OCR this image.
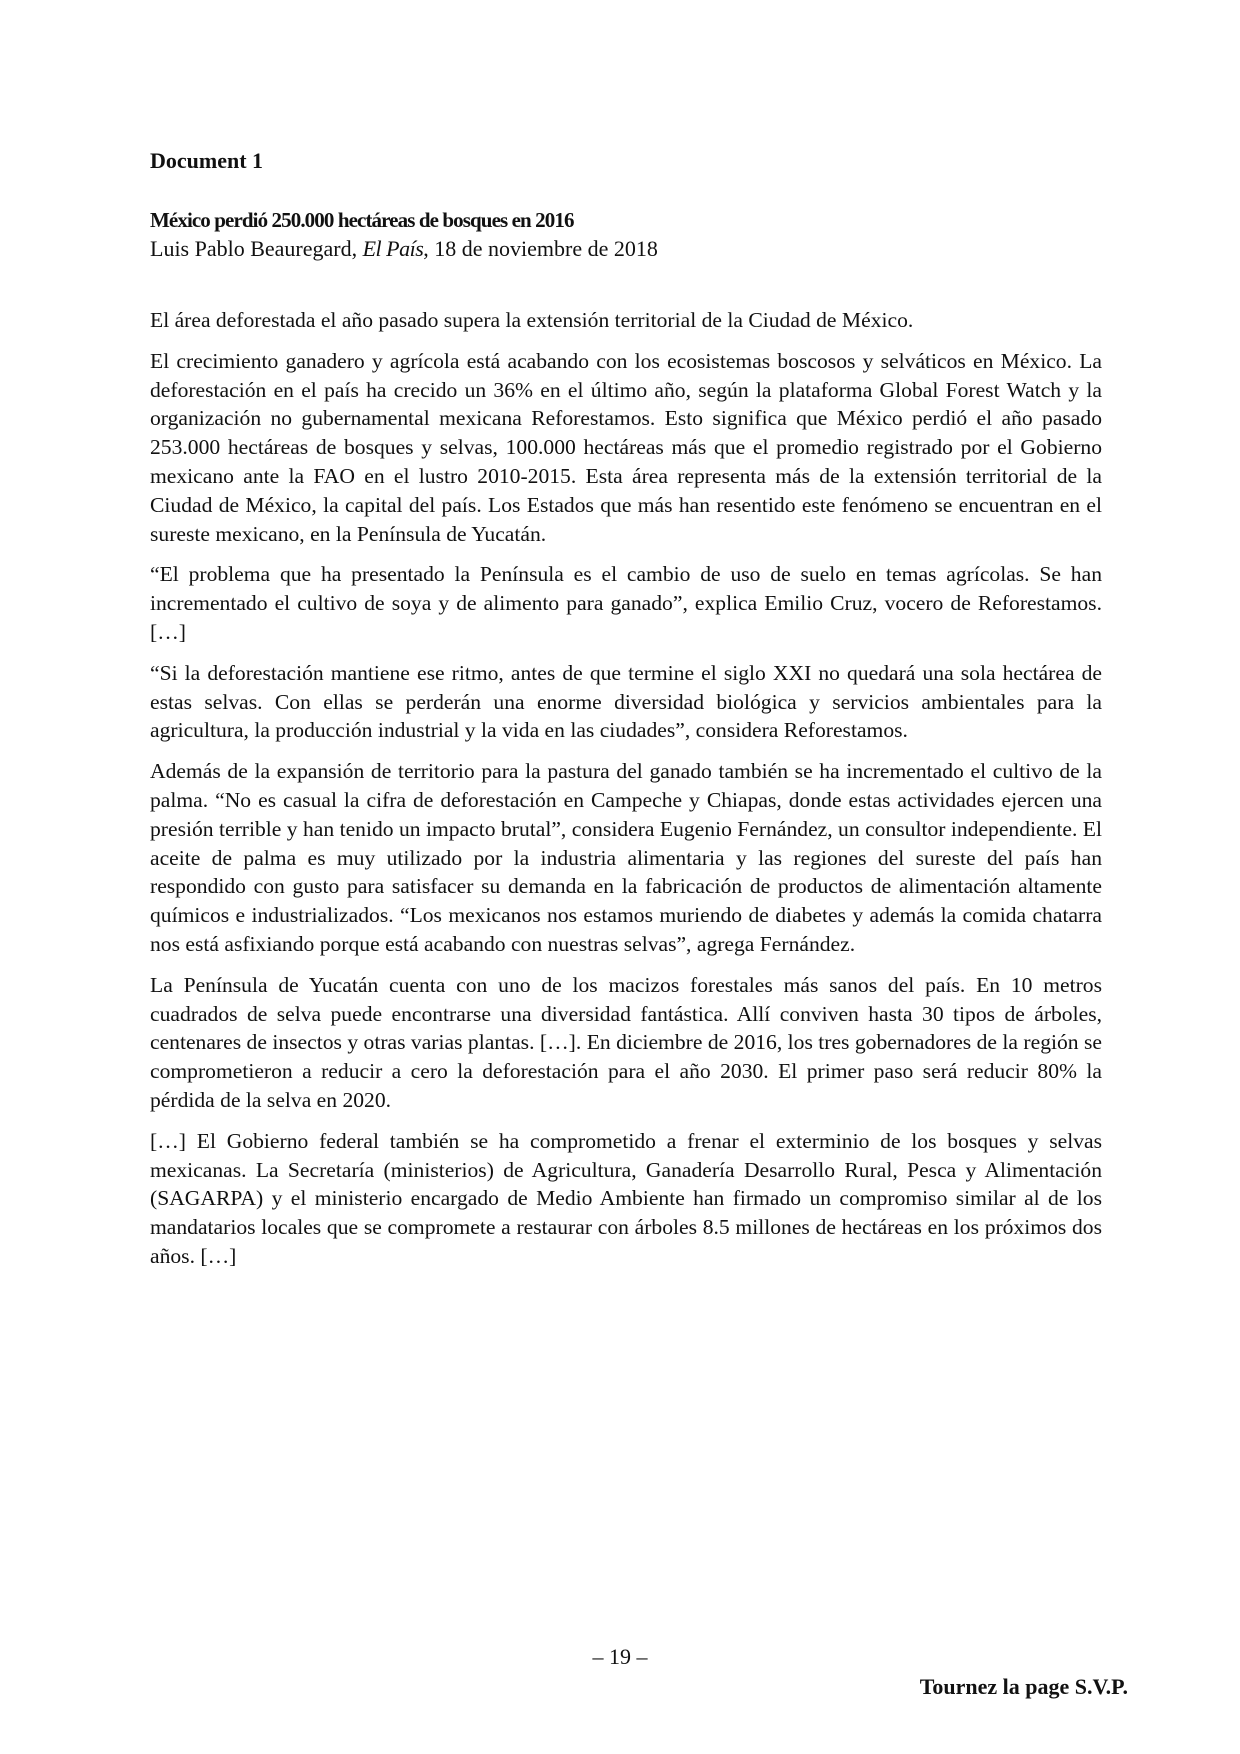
Document 1
México perdió 250.000 hectáreas de bosques en 2016
Luis Pablo Beauregard, El País, 18 de noviembre de 2018

El área deforestada el año pasado supera la extensión territorial de la Ciudad de México.

El crecimiento ganadero y agrícola está acabando con los ecosistemas boscosos y selváticos en México. La deforestación en el país ha crecido un 36% en el último año, según la plataforma Global Forest Watch y la organización no gubernamental mexicana Reforestamos. Esto significa que México perdió el año pasado 253.000 hectáreas de bosques y selvas, 100.000 hectáreas más que el promedio registrado por el Gobierno mexicano ante la FAO en el lustro 2010-2015. Esta área representa más de la extensión territorial de la Ciudad de México, la capital del país. Los Estados que más han resentido este fenómeno se encuentran en el sureste mexicano, en la Península de Yucatán.

“El problema que ha presentado la Península es el cambio de uso de suelo en temas agrícolas. Se han incrementado el cultivo de soya y de alimento para ganado”, explica Emilio Cruz, vocero de Reforestamos. […]

“Si la deforestación mantiene ese ritmo, antes de que termine el siglo XXI no quedará una sola hectárea de estas selvas. Con ellas se perderán una enorme diversidad biológica y servicios ambientales para la agricultura, la producción industrial y la vida en las ciudades”, considera Reforestamos.

Además de la expansión de territorio para la pastura del ganado también se ha incrementado el cultivo de la palma. “No es casual la cifra de deforestación en Campeche y Chiapas, donde estas actividades ejercen una presión terrible y han tenido un impacto brutal”, considera Eugenio Fernández, un consultor independiente. El aceite de palma es muy utilizado por la industria alimentaria y las regiones del sureste del país han respondido con gusto para satisfacer su demanda en la fabricación de productos de alimentación altamente químicos e industrializados. “Los mexicanos nos estamos muriendo de diabetes y además la comida chatarra nos está asfixiando porque está acabando con nuestras selvas”, agrega Fernández.

La Península de Yucatán cuenta con uno de los macizos forestales más sanos del país. En 10 metros cuadrados de selva puede encontrarse una diversidad fantástica. Allí conviven hasta 30 tipos de árboles, centenares de insectos y otras varias plantas. […]. En diciembre de 2016, los tres gobernadores de la región se comprometieron a reducir a cero la deforestación para el año 2030. El primer paso será reducir 80% la pérdida de la selva en 2020.

[…] El Gobierno federal también se ha comprometido a frenar el exterminio de los bosques y selvas mexicanas. La Secretaría (ministerios) de Agricultura, Ganadería Desarrollo Rural, Pesca y Alimentación (SAGARPA) y el ministerio encargado de Medio Ambiente han firmado un compromiso similar al de los mandatarios locales que se compromete a restaurar con árboles 8.5 millones de hectáreas en los próximos dos años. […]

– 19 –
Tournez la page S.V.P.
